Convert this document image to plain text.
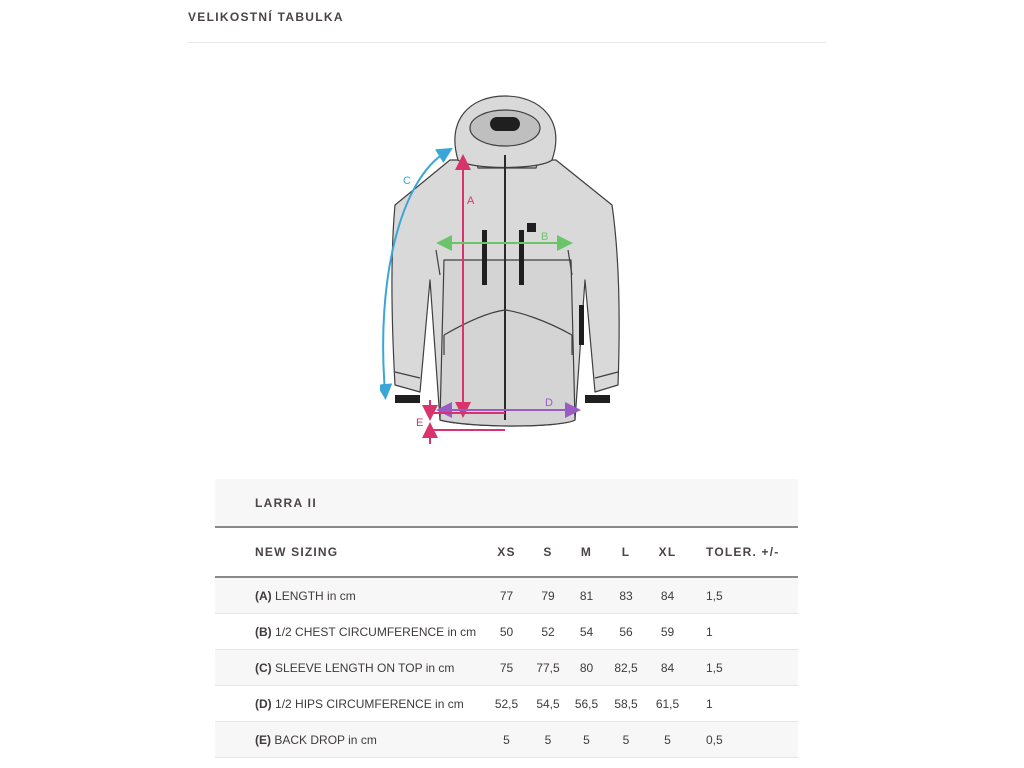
VELIKOSTNÍ TABULKA
C
A
B
D
E
LARRA II						
NEW SIZING	XS	S	M	L	XL	TOLER. +/-
(A) LENGTH in cm	77	79	81	83	84	1,5
(B) 1/2 CHEST CIRCUMFERENCE in cm	50	52	54	56	59	1
(C) SLEEVE LENGTH ON TOP in cm	75	77,5	80	82,5	84	1,5
(D) 1/2 HIPS CIRCUMFERENCE in cm	52,5	54,5	56,5	58,5	61,5	1
(E) BACK DROP in cm	5	5	5	5	5	0,5
